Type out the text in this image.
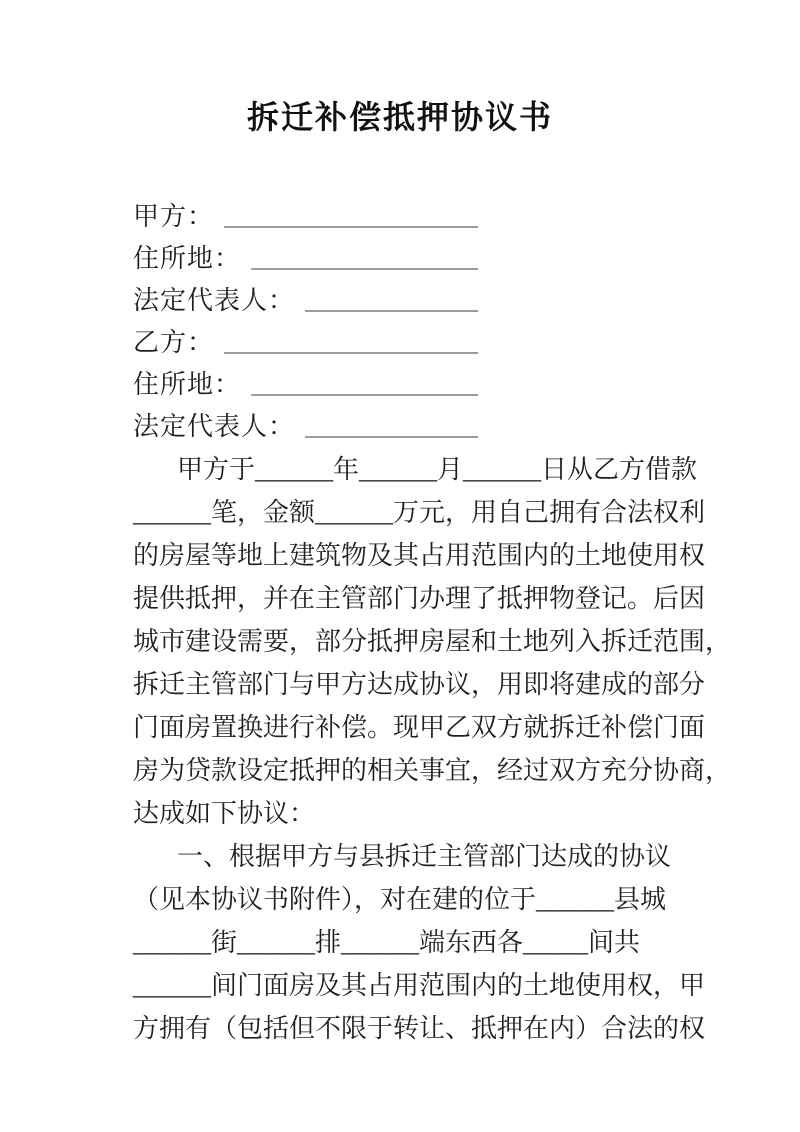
拆迁补偿抵押协议书
甲方：
住所地：
法定代表人：
乙方：
住所地：
法定代表人：
甲方于______年______月______日从乙方借款
______笔，金额______万元，用自己拥有合法权利
的房屋等地上建筑物及其占用范围内的土地使用权
提供抵押，并在主管部门办理了抵押物登记。后因
城市建设需要，部分抵押房屋和土地列入拆迁范围，
拆迁主管部门与甲方达成协议，用即将建成的部分
门面房置换进行补偿。现甲乙双方就拆迁补偿门面
房为贷款设定抵押的相关事宜，经过双方充分协商，
达成如下协议：
一、根据甲方与县拆迁主管部门达成的协议
（见本协议书附件），对在建的位于______县城
______街______排______端东西各_____间共
______间门面房及其占用范围内的土地使用权，甲
方拥有（包括但不限于转让、抵押在内）合法的权
